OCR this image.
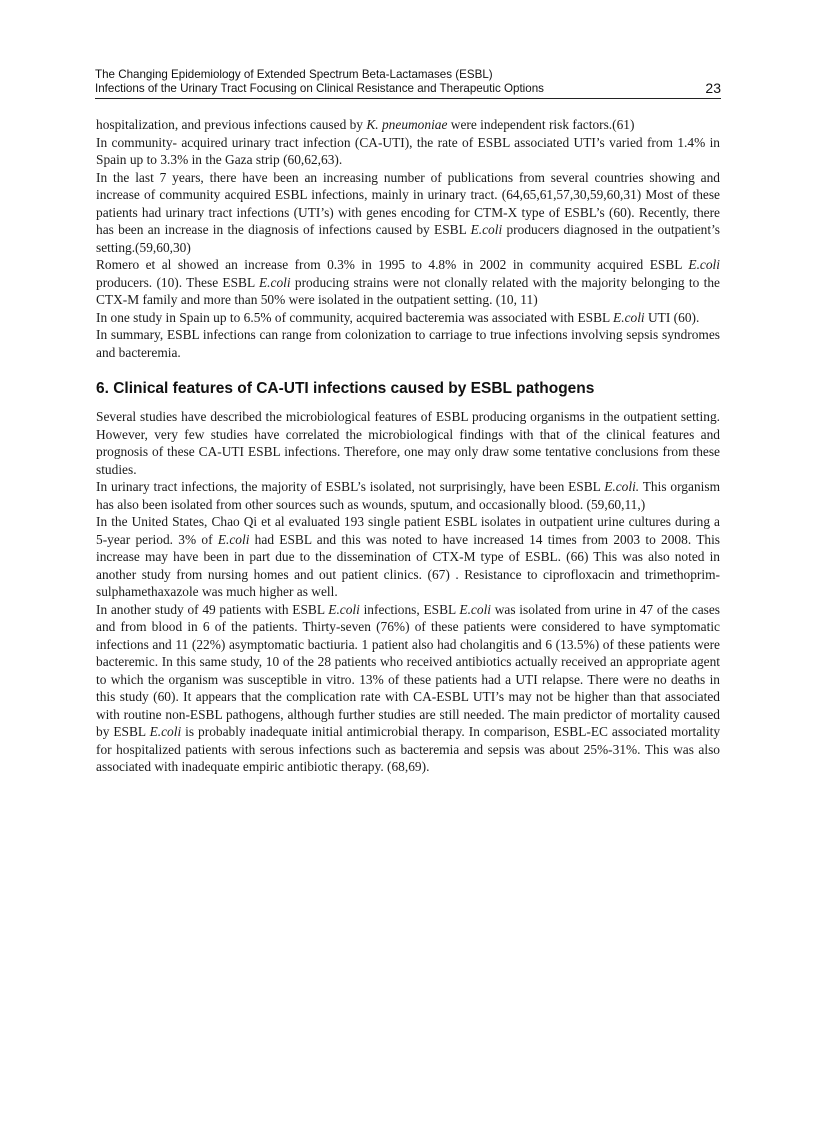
The Changing Epidemiology of Extended Spectrum Beta-Lactamases (ESBL)
Infections of the Urinary Tract Focusing on Clinical Resistance and Therapeutic Options	23

hospitalization, and previous infections caused by K. pneumoniae were independent risk factors.(61)

In community- acquired urinary tract infection (CA-UTI), the rate of ESBL associated UTI’s varied from 1.4% in Spain up to 3.3% in the Gaza strip (60,62,63).

In the last 7 years, there have been an increasing number of publications from several countries showing and increase of community acquired ESBL infections, mainly in urinary tract. (64,65,61,57,30,59,60,31) Most of these patients had urinary tract infections (UTI’s) with genes encoding for CTM-X type of ESBL’s (60). Recently, there has been an increase in the diagnosis of infections caused by ESBL E.coli producers diagnosed in the outpatient’s setting.(59,60,30)

Romero et al showed an increase from 0.3% in 1995 to 4.8% in 2002 in community acquired ESBL E.coli producers. (10). These ESBL E.coli producing strains were not clonally related with the majority belonging to the CTX-M family and more than 50% were isolated in the outpatient setting. (10, 11)

In one study in Spain up to 6.5% of community, acquired bacteremia was associated with ESBL E.coli UTI (60).

In summary, ESBL infections can range from colonization to carriage to true infections involving sepsis syndromes and bacteremia.

6. Clinical features of CA-UTI infections caused by ESBL pathogens

Several studies have described the microbiological features of ESBL producing organisms in the outpatient setting. However, very few studies have correlated the microbiological findings with that of the clinical features and prognosis of these CA-UTI ESBL infections. Therefore, one may only draw some tentative conclusions from these studies.

In urinary tract infections, the majority of ESBL’s isolated, not surprisingly, have been ESBL E.coli. This organism has also been isolated from other sources such as wounds, sputum, and occasionally blood. (59,60,11,)

In the United States, Chao Qi et al evaluated 193 single patient ESBL isolates in outpatient urine cultures during a 5-year period. 3% of E.coli had ESBL and this was noted to have increased 14 times from 2003 to 2008. This increase may have been in part due to the dissemination of CTX-M type of ESBL. (66) This was also noted in another study from nursing homes and out patient clinics. (67) . Resistance to ciprofloxacin and trimethoprim-sulphamethaxazole was much higher as well.

In another study of 49 patients with ESBL E.coli infections, ESBL E.coli was isolated from urine in 47 of the cases and from blood in 6 of the patients. Thirty-seven (76%) of these patients were considered to have symptomatic infections and 11 (22%) asymptomatic bactiuria. 1 patient also had cholangitis and 6 (13.5%) of these patients were bacteremic. In this same study, 10 of the 28 patients who received antibiotics actually received an appropriate agent to which the organism was susceptible in vitro. 13% of these patients had a UTI relapse. There were no deaths in this study (60). It appears that the complication rate with CA-ESBL UTI’s may not be higher than that associated with routine non-ESBL pathogens, although further studies are still needed. The main predictor of mortality caused by ESBL E.coli is probably inadequate initial antimicrobial therapy. In comparison, ESBL-EC associated mortality for hospitalized patients with serous infections such as bacteremia and sepsis was about 25%-31%. This was also associated with inadequate empiric antibiotic therapy. (68,69).
